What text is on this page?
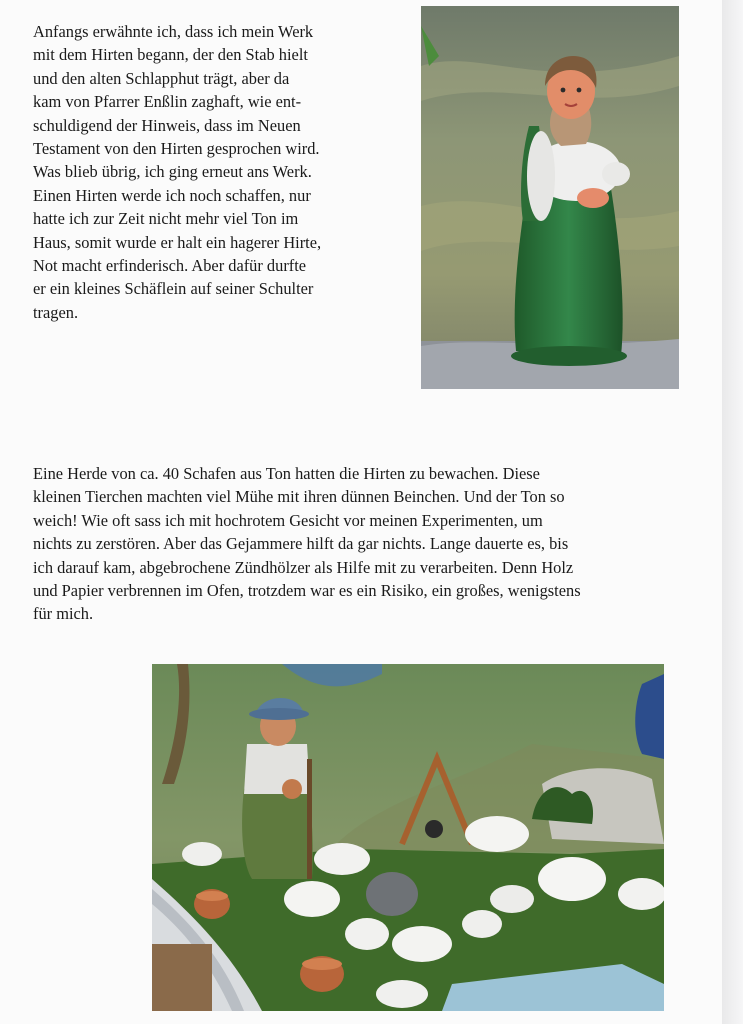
Anfangs erwähnte ich, dass ich mein Werk
mit dem Hirten begann, der den Stab hielt
und den alten Schlapphut trägt, aber da
kam von Pfarrer Enßlin zaghaft, wie ent-
schuldigend der Hinweis, dass im Neuen
Testament von den Hirten gesprochen wird.
Was blieb übrig, ich ging erneut ans Werk.
Einen Hirten werde ich noch schaffen, nur
hatte ich zur Zeit nicht mehr viel Ton im
Haus, somit wurde er halt ein hagerer Hirte,
Not macht erfinderisch. Aber dafür durfte
er ein kleines Schäflein auf seiner Schulter
tragen.

Eine Herde von ca. 40 Schafen aus Ton hatten die Hirten zu bewachen. Diese
kleinen Tierchen machten viel Mühe mit ihren dünnen Beinchen. Und der Ton so
weich! Wie oft sass ich mit hochrotem Gesicht vor meinen Experimenten, um
nichts zu zerstören. Aber das Gejammere hilft da gar nichts. Lange dauerte es, bis
ich darauf kam, abgebrochene Zündhölzer als Hilfe mit zu verarbeiten. Denn Holz
und Papier verbrennen im Ofen, trotzdem war es ein Risiko, ein großes, wenigstens
für mich.
